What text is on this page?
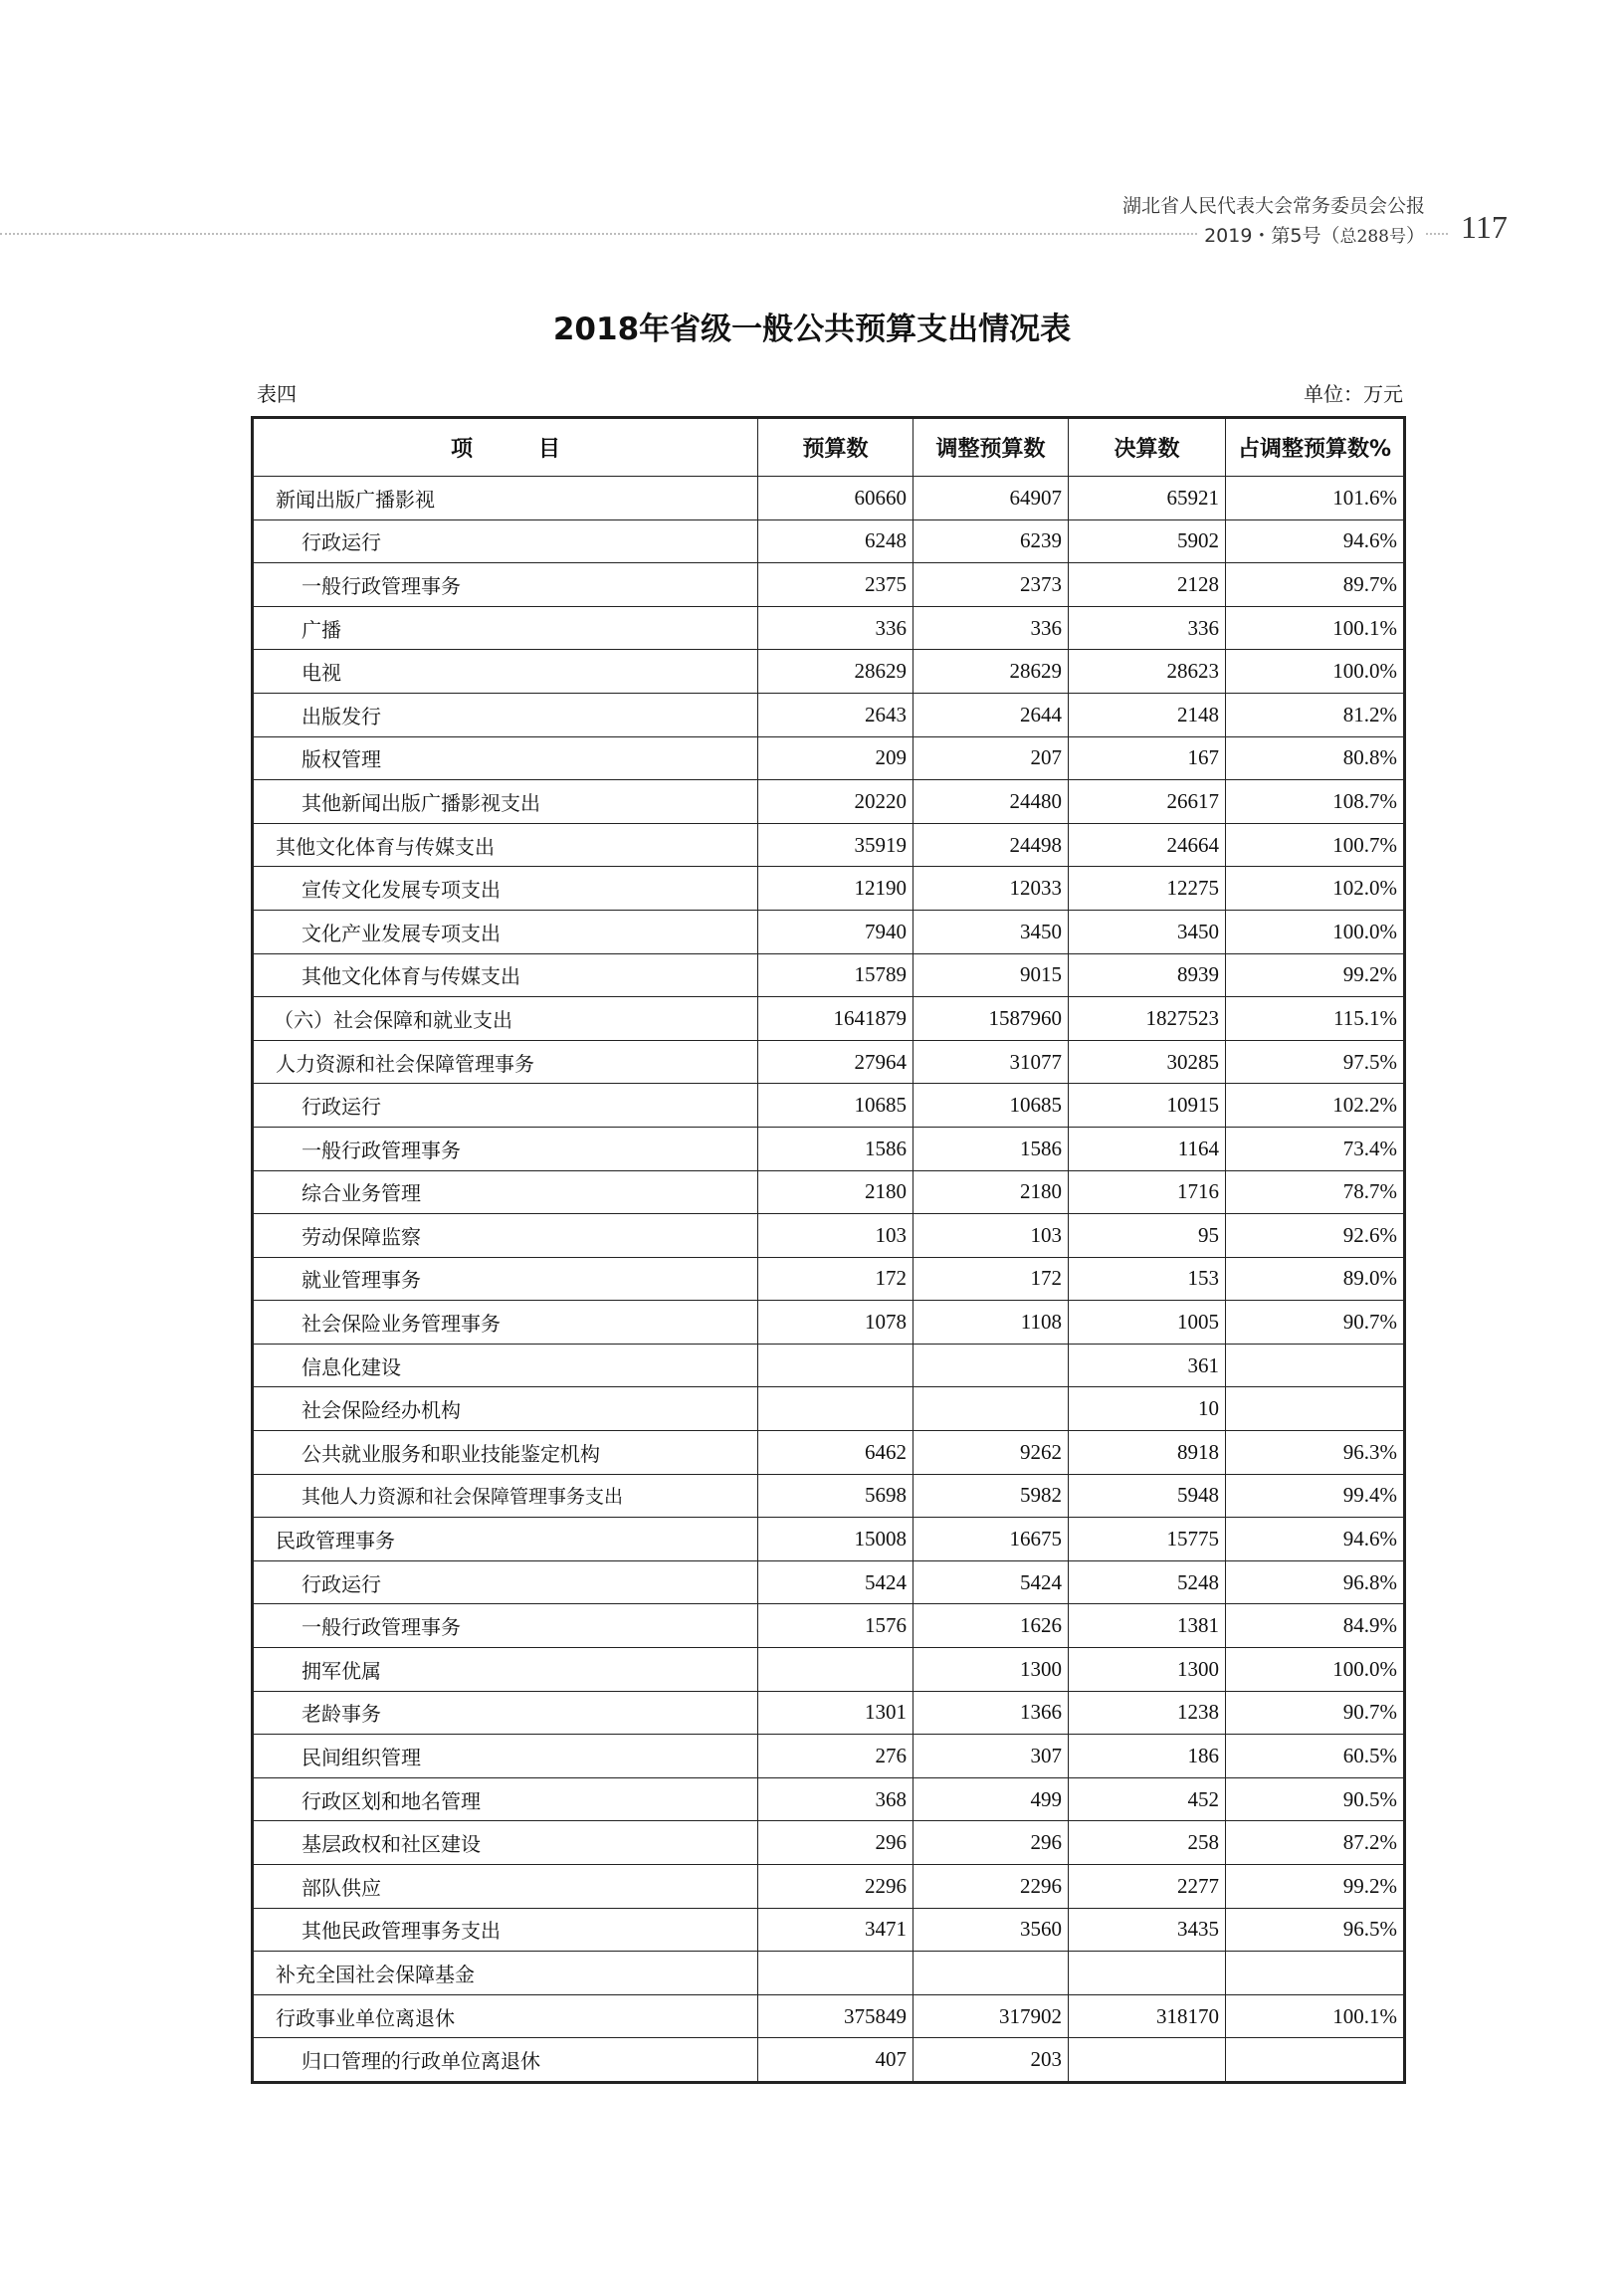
湖北省人民代表大会常务委员会公报
2019・第5号（总288号） 117
2018年省级一般公共预算支出情况表
表四	单位：万元
项　　　目	预算数	调整预算数	决算数	占调整预算数%
新闻出版广播影视	60660	64907	65921	101.6%
行政运行	6248	6239	5902	94.6%
一般行政管理事务	2375	2373	2128	89.7%
广播	336	336	336	100.1%
电视	28629	28629	28623	100.0%
出版发行	2643	2644	2148	81.2%
版权管理	209	207	167	80.8%
其他新闻出版广播影视支出	20220	24480	26617	108.7%
其他文化体育与传媒支出	35919	24498	24664	100.7%
宣传文化发展专项支出	12190	12033	12275	102.0%
文化产业发展专项支出	7940	3450	3450	100.0%
其他文化体育与传媒支出	15789	9015	8939	99.2%
（六）社会保障和就业支出	1641879	1587960	1827523	115.1%
人力资源和社会保障管理事务	27964	31077	30285	97.5%
行政运行	10685	10685	10915	102.2%
一般行政管理事务	1586	1586	1164	73.4%
综合业务管理	2180	2180	1716	78.7%
劳动保障监察	103	103	95	92.6%
就业管理事务	172	172	153	89.0%
社会保险业务管理事务	1078	1108	1005	90.7%
信息化建设			361	
社会保险经办机构			10	
公共就业服务和职业技能鉴定机构	6462	9262	8918	96.3%
其他人力资源和社会保障管理事务支出	5698	5982	5948	99.4%
民政管理事务	15008	16675	15775	94.6%
行政运行	5424	5424	5248	96.8%
一般行政管理事务	1576	1626	1381	84.9%
拥军优属		1300	1300	100.0%
老龄事务	1301	1366	1238	90.7%
民间组织管理	276	307	186	60.5%
行政区划和地名管理	368	499	452	90.5%
基层政权和社区建设	296	296	258	87.2%
部队供应	2296	2296	2277	99.2%
其他民政管理事务支出	3471	3560	3435	96.5%
补充全国社会保障基金				
行政事业单位离退休	375849	317902	318170	100.1%
归口管理的行政单位离退休	407	203		
